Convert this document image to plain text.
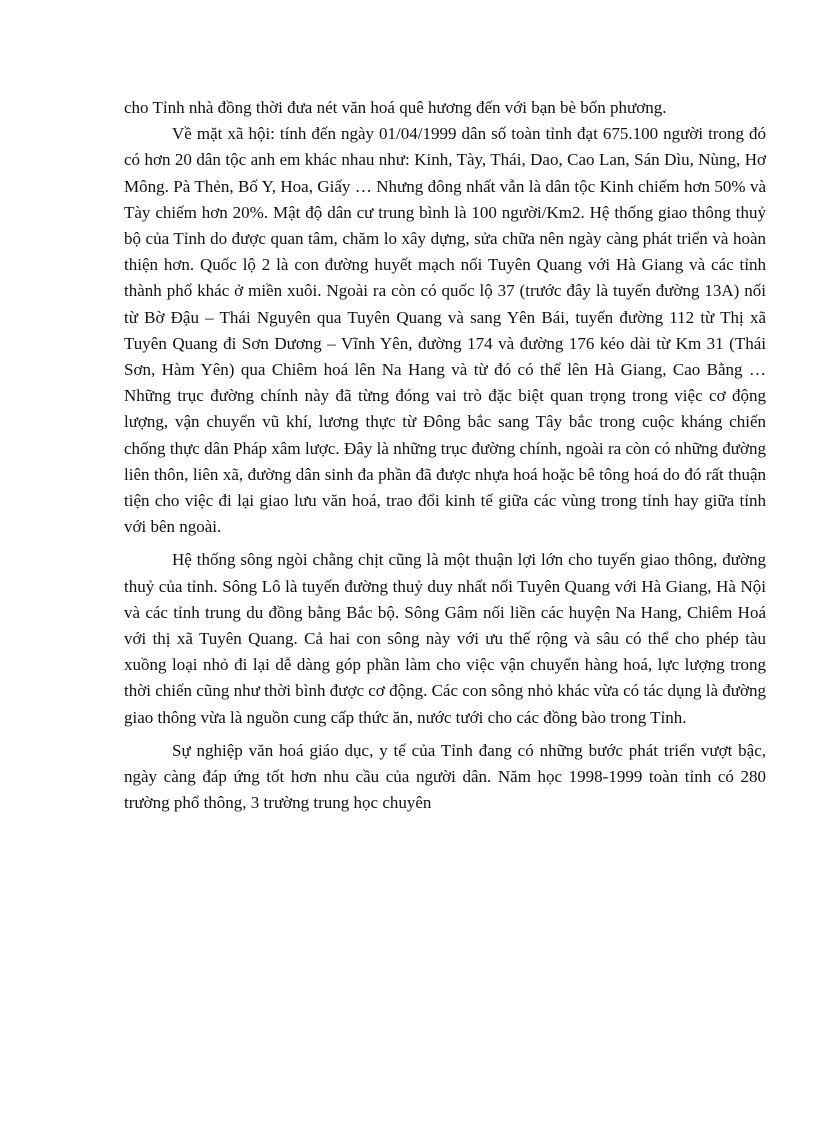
cho Tỉnh nhà đồng thời đưa nét văn hoá quê hương đến với bạn bè bốn phương.

Về mặt xã hội: tính đến ngày 01/04/1999 dân số toàn tỉnh đạt 675.100 người trong đó có hơn 20 dân tộc anh em khác nhau như: Kinh, Tày, Thái, Dao, Cao Lan, Sán Dìu, Nùng, Hơ Mông. Pà Thẻn, Bố Y, Hoa, Giấy … Nhưng đông nhất vẫn là dân tộc Kinh chiếm hơn 50% và Tày chiếm hơn 20%. Mật độ dân cư trung bình là 100 người/Km2. Hệ thống giao thông thuỷ bộ của Tỉnh do được quan tâm, chăm lo xây dựng, sửa chữa nên ngày càng phát triển và hoàn thiện hơn. Quốc lộ 2 là con đường huyết mạch nối Tuyên Quang với Hà Giang và các tỉnh thành phố khác ở miền xuôi. Ngoài ra còn có quốc lộ 37 (trước đây là tuyến đường 13A) nối từ Bờ Đậu – Thái Nguyên qua Tuyên Quang và sang Yên Bái, tuyến đường 112 từ Thị xã Tuyên Quang đi Sơn Dương – Vĩnh Yên, đường 174 và đường 176 kéo dài từ Km 31 (Thái Sơn, Hàm Yên) qua Chiêm hoá lên Na Hang và từ đó có thể lên Hà Giang, Cao Bằng … Những trục đường chính này đã từng đóng vai trò đặc biệt quan trọng trong việc cơ động lượng, vận chuyển vũ khí, lương thực từ Đông bắc sang Tây bắc trong cuộc kháng chiến chống thực dân Pháp xâm lược. Đây là những trục đường chính, ngoài ra còn có những đường liên thôn, liên xã, đường dân sinh đa phần đã được nhựa hoá hoặc bê tông hoá do đó rất thuận tiện cho việc đi lại giao lưu văn hoá, trao đổi kinh tế giữa các vùng trong tỉnh hay giữa tỉnh với bên ngoài.

Hệ thống sông ngòi chằng chịt cũng là một thuận lợi lớn cho tuyến giao thông, đường thuỷ của tỉnh. Sông Lô là tuyến đường thuỷ duy nhất nối Tuyên Quang với Hà Giang, Hà Nội và các tỉnh trung du đồng bằng Bắc bộ. Sông Gâm nối liền các huyện Na Hang, Chiêm Hoá với thị xã Tuyên Quang. Cả hai con sông này với ưu thế rộng và sâu có thể cho phép tàu xuồng loại nhỏ đi lại dễ dàng góp phần làm cho việc vận chuyển hàng hoá, lực lượng trong thời chiến cũng như thời bình được cơ động. Các con sông nhỏ khác vừa có tác dụng là đường giao thông vừa là nguồn cung cấp thức ăn, nước tưới cho các đồng bào trong Tỉnh.

Sự nghiệp văn hoá giáo dục, y tế của Tỉnh đang có những bước phát triển vượt bậc, ngày càng đáp ứng tốt hơn nhu cầu của người dân. Năm học 1998-1999 toàn tỉnh có 280 trường phổ thông, 3 trường trung học chuyên
